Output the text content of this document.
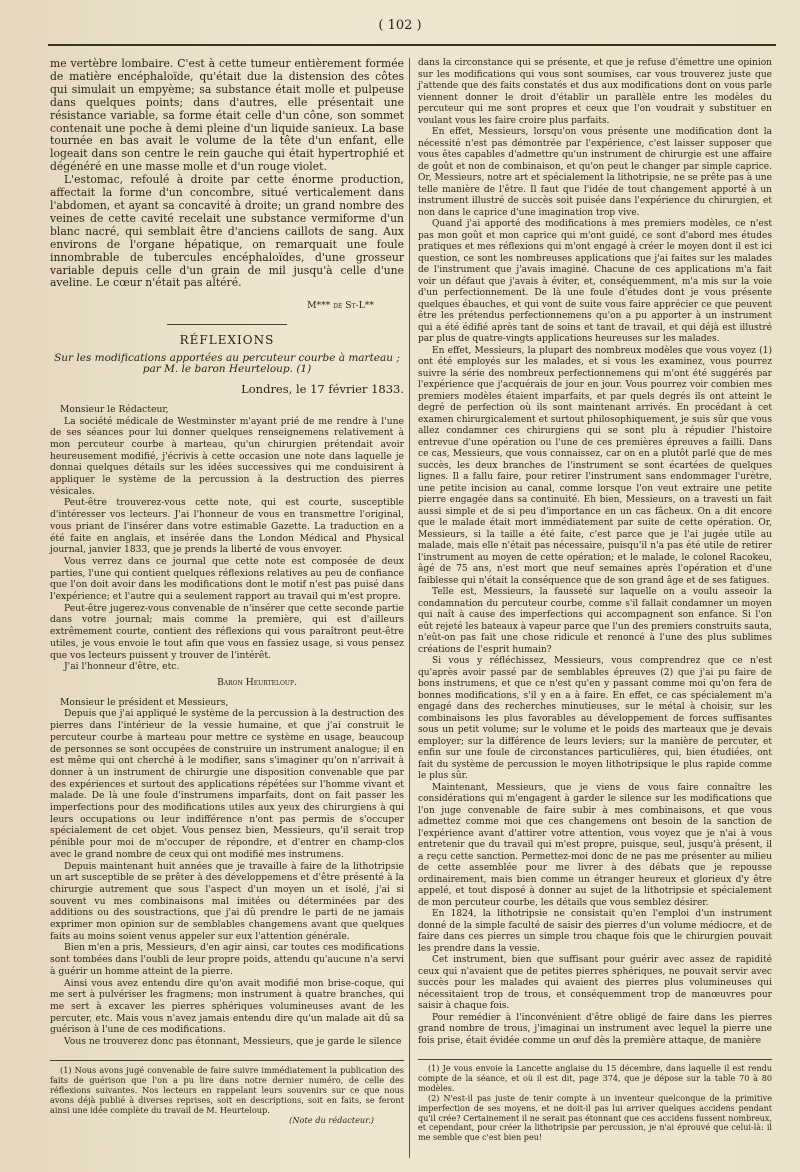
( 102 )

me vertèbre lombaire. C'est à cette tumeur entièrement formée de matière encéphaloïde, qu'était due la distension des côtes qui simulait un empyème; sa substance était molle et pulpeuse dans quelques points; dans d'autres, elle présentait une résistance variable, sa forme était celle d'un cône, son sommet contenait une poche à demi pleine d'un liquide sanieux. La base tournée en bas avait le volume de la tête d'un enfant, elle logeait dans son centre le rein gauche qui était hypertrophié et dégénéré en une masse molle et d'un rouge violet.

L'estomac, refoulé à droite par cette énorme production, affectait la forme d'un concombre, situé verticalement dans l'abdomen, et ayant sa concavité à droite; un grand nombre des veines de cette cavité recelait une substance vermiforme d'un blanc nacré, qui semblait être d'anciens caillots de sang. Aux environs de l'organe hépatique, on remarquait une foule innombrable de tubercules encéphaloïdes, d'une grosseur variable depuis celle d'un grain de mil jusqu'à celle d'une aveline. Le cœur n'était pas altéré.

M*** de St-L**

RÉFLEXIONS

Sur les modifications apportées au percuteur courbe à marteau ; par M. le baron Heurteloup. (1)

Londres, le 17 février 1833.

Monsieur le Rédacteur,

La société médicale de Westminster m'ayant prié de me rendre à l'une de ses séances pour lui donner quelques renseignemens relativement à mon percuteur courbe à marteau, qu'un chirurgien prétendait avoir heureusement modifié, j'écrivis à cette occasion une note dans laquelle je donnai quelques détails sur les idées successives qui me conduisirent à appliquer le système de la percussion à la destruction des pierres vésicales.

Peut-être trouverez-vous cette note, qui est courte, susceptible d'intéresser vos lecteurs. J'ai l'honneur de vous en transmettre l'original, vous priant de l'insérer dans votre estimable Gazette. La traduction en a été faite en anglais, et insérée dans the London Médical and Physical journal, janvier 1833, que je prends la liberté de vous envoyer.

Vous verrez dans ce journal que cette note est composée de deux parties, l'une qui contient quelques réflexions relatives au peu de confiance que l'on doit avoir dans les modifications dont le motif n'est pas puisé dans l'expérience; et l'autre qui a seulement rapport au travail qui m'est propre.

Peut-être jugerez-vous convenable de n'insérer que cette seconde partie dans votre journal; mais comme la première, qui est d'ailleurs extrêmement courte, contient des réflexions qui vous paraîtront peut-être utiles, je vous envoie le tout afin que vous en fassiez usage, si vous pensez que vos lecteurs puissent y trouver de l'intérêt.

J'ai l'honneur d'être, etc.

Baron Heurteloup.

Monsieur le président et Messieurs,

Depuis que j'ai appliqué le système de la percussion à la destruction des pierres dans l'intérieur de la vessie humaine, et que j'ai construit le percuteur courbe à marteau pour mettre ce système en usage, beaucoup de personnes se sont occupées de construire un instrument analogue; il en est même qui ont cherché à le modifier, sans s'imaginer qu'on n'arrivait à donner à un instrument de chirurgie une disposition convenable que par des expériences et surtout des applications répétées sur l'homme vivant et malade. De là une foule d'instrumens imparfaits, dont on fait passer les imperfections pour des modifications utiles aux yeux des chirurgiens à qui leurs occupations ou leur indifférence n'ont pas permis de s'occuper spécialement de cet objet. Vous pensez bien, Messieurs, qu'il serait trop pénible pour moi de m'occuper de répondre, et d'entrer en champ-clos avec le grand nombre de ceux qui ont modifié mes instrumens.

Depuis maintenant huit années que je travaille à faire de la lithotripsie un art susceptible de se prêter à des développemens et d'être présenté à la chirurgie autrement que sous l'aspect d'un moyen un et isolé, j'ai si souvent vu mes combinaisons mal imitées ou déterminées par des additions ou des soustractions, que j'ai dû prendre le parti de ne jamais exprimer mon opinion sur de semblables changemens avant que quelques faits au moins soient venus appeler sur eux l'attention générale.

Bien m'en a pris, Messieurs, d'en agir ainsi, car toutes ces modifications sont tombées dans l'oubli de leur propre poids, attendu qu'aucune n'a servi à guérir un homme atteint de la pierre.

Ainsi vous avez entendu dire qu'on avait modifié mon brise-coque, qui me sert à pulvériser les fragmens; mon instrument à quatre branches, qui me sert à excaver les pierres sphériques volumineuses avant de les percuter, etc. Mais vous n'avez jamais entendu dire qu'un malade ait dû sa guérison à l'une de ces modifications.

Vous ne trouverez donc pas étonnant, Messieurs, que je garde le silence

(1) Nous avons jugé convenable de faire suivre immédiatement la publication des faits de guérison que l'on a pu lire dans notre dernier numéro, de celle des réflexions suivantes. Nos lecteurs en rappelant leurs souvenirs sur ce que nous avons déjà publié à diverses reprises, soit en descriptions, soit en faits, se feront ainsi une idée complète du travail de M. Heurteloup.

(Note du rédacteur.)

dans la circonstance qui se présente, et que je refuse d'émettre une opinion sur les modifications qui vous sont soumises, car vous trouverez juste que j'attende que des faits constatés et dus aux modifications dont on vous parle viennent donner le droit d'établir un parallèle entre les modèles du percuteur qui me sont propres et ceux que l'on voudrait y substituer en voulant vous les faire croire plus parfaits.

En effet, Messieurs, lorsqu'on vous présente une modification dont la nécessité n'est pas démontrée par l'expérience, c'est laisser supposer que vous êtes capables d'admettre qu'un instrument de chirurgie est une affaire de goût et non de combinaison, et qu'on peut le changer par simple caprice. Or, Messieurs, notre art et spécialement la lithotripsie, ne se prête pas à une telle manière de l'être. Il faut que l'idée de tout changement apporté à un instrument illustré de succès soit puisée dans l'expérience du chirurgien, et non dans le caprice d'une imagination trop vive.

Quand j'ai apporté des modifications à mes premiers modèles, ce n'est pas mon goût et mon caprice qui m'ont guidé, ce sont d'abord mes études pratiques et mes réflexions qui m'ont engagé à créer le moyen dont il est ici question, ce sont les nombreuses applications que j'ai faites sur les malades de l'instrument que j'avais imaginé. Chacune de ces applications m'a fait voir un défaut que j'avais à éviter, et, conséquemment, m'a mis sur la voie d'un perfectionnement. De là une foule d'études dont je vous présente quelques ébauches, et qui vont de suite vous faire apprécier ce que peuvent être les prétendus perfectionnemens qu'on a pu apporter à un instrument qui a été édifié après tant de soins et tant de travail, et qui déjà est illustré par plus de quatre-vingts applications heureuses sur les malades.

En effet, Messieurs, la plupart des nombreux modèles que vous voyez (1) ont été employés sur les malades, et si vous les examinez, vous pourrez suivre la série des nombreux perfectionnemens qui m'ont été suggérés par l'expérience que j'acquérais de jour en jour. Vous pourrez voir combien mes premiers modèles étaient imparfaits, et par quels degrés ils ont atteint le degré de perfection où ils sont maintenant arrivés. En procédant à cet examen chirurgicalement et surtout philosophiquement, je suis sûr que vous allez condamner ces chirurgiens qui se sont plu à répudier l'histoire entrevue d'une opération ou l'une de ces premières épreuves a failli. Dans ce cas, Messieurs, que vous connaissez, car on en a plutôt parlé que de mes succès, les deux branches de l'instrument se sont écartées de quelques lignes. Il a fallu faire, pour retirer l'instrument sans endommager l'urètre, une petite incision au canal, comme lorsque l'on veut extraire une petite pierre engagée dans sa continuité. Eh bien, Messieurs, on a travesti un fait aussi simple et de si peu d'importance en un cas fâcheux. On a dit encore que le malade était mort immédiatement par suite de cette opération. Or, Messieurs, si la taille a été faite, c'est parce que je l'ai jugée utile au malade, mais elle n'était pas nécessaire, puisqu'il n'a pas été utile de retirer l'instrument au moyen de cette opération; et le malade, le colonel Racokeu, âgé de 75 ans, n'est mort que neuf semaines après l'opération et d'une faiblesse qui n'était la conséquence que de son grand âge et de ses fatigues.

Telle est, Messieurs, la fausseté sur laquelle on a voulu asseoir la condamnation du percuteur courbe, comme s'il fallait condamner un moyen qui naît à cause des imperfections qui accompagnent son enfance. Si l'on eût rejeté les bateaux à vapeur parce que l'un des premiers construits sauta, n'eût-on pas fait une chose ridicule et renoncé à l'une des plus sublimes créations de l'esprit humain?

Si vous y réfléchissez, Messieurs, vous comprendrez que ce n'est qu'après avoir passé par de semblables épreuves (2) que j'ai pu faire de bons instrumens, et que ce n'est qu'en y passant comme moi qu'on fera de bonnes modifications, s'il y en a à faire. En effet, ce cas spécialement m'a engagé dans des recherches minutieuses, sur le métal à choisir, sur les combinaisons les plus favorables au développement de forces suffisantes sous un petit volume; sur le volume et le poids des marteaux que je devais employer; sur la différence de leurs leviers; sur la manière de percuter, et enfin sur une foule de circonstances particulières, qui, bien étudiées, ont fait du système de percussion le moyen lithotripsique le plus rapide comme le plus sûr.

Maintenant, Messieurs, que je viens de vous faire connaître les considérations qui m'engagent à garder le silence sur les modifications que l'on juge convenable de faire subir à mes combinaisons, et que vous admettez comme moi que ces changemens ont besoin de la sanction de l'expérience avant d'attirer votre attention, vous voyez que je n'ai à vous entretenir que du travail qui m'est propre, puisque, seul, jusqu'à présent, il a reçu cette sanction. Permettez-moi donc de ne pas me présenter au milieu de cette assemblée pour me livrer à des débats que je repousse ordinairement, mais bien comme un étranger heureux et glorieux d'y être appelé, et tout disposé à donner au sujet de la lithotripsie et spécialement de mon percuteur courbe, les détails que vous semblez désirer.

En 1824, la lithotripsie ne consistait qu'en l'emploi d'un instrument donné de la simple faculté de saisir des pierres d'un volume médiocre, et de faire dans ces pierres un simple trou chaque fois que le chirurgien pouvait les prendre dans la vessie.

Cet instrument, bien que suffisant pour guérir avec assez de rapidité ceux qui n'avaient que de petites pierres sphériques, ne pouvait servir avec succès pour les malades qui avaient des pierres plus volumineuses qui nécessitaient trop de trous, et conséquemment trop de manœuvres pour saisir à chaque fois.

Pour remédier à l'inconvénient d'être obligé de faire dans les pierres grand nombre de trous, j'imaginai un instrument avec lequel la pierre une fois prise, était évidée comme un œuf dès la première attaque, de manière

(1) Je vous envoie la Lancette anglaise du 15 décembre, dans laquelle il est rendu compte de la séance, et où il est dit, page 374, que je dépose sur la table 70 à 80 modèles.

(2) N'est-il pas juste de tenir compte à un inventeur quelconque de la primitive imperfection de ses moyens, et ne doit-il pas lui arriver quelques accidens pendant qu'il crée? Certainement il ne serait pas étonnant que ces accidens fussent nombreux, et cependant, pour créer la lithotripsie par percussion, je n'ai éprouvé que celui-là: il me semble que c'est bien peu!
